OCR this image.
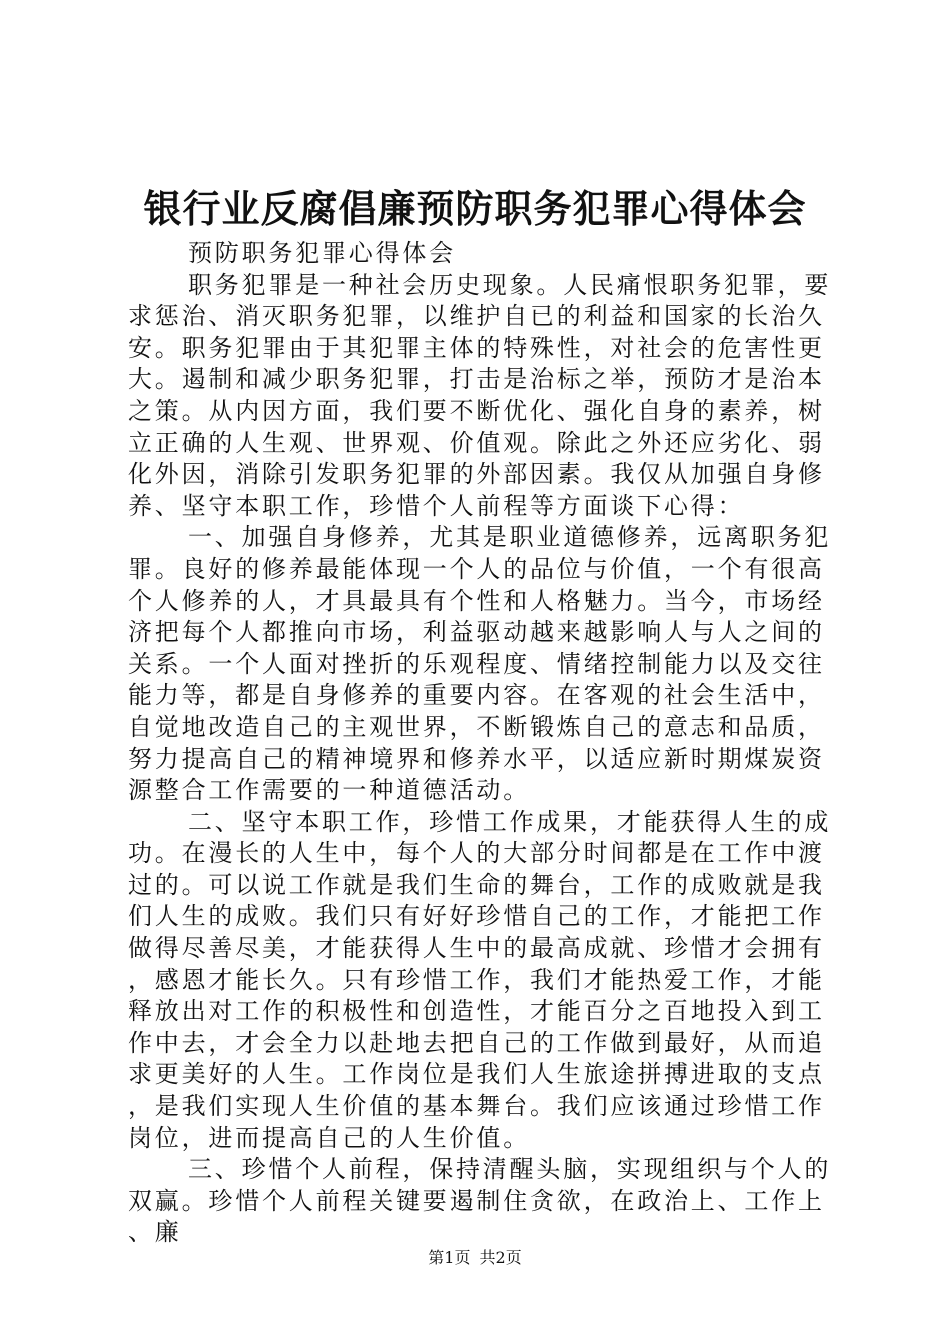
银行业反腐倡廉预防职务犯罪心得体会

预防职务犯罪心得体会

职务犯罪是一种社会历史现象。人民痛恨职务犯罪，要求惩治、消灭职务犯罪，以维护自已的利益和国家的长治久安。职务犯罪由于其犯罪主体的特殊性，对社会的危害性更大。遏制和减少职务犯罪，打击是治标之举，预防才是治本之策。从内因方面，我们要不断优化、强化自身的素养，树立正确的人生观、世界观、价值观。除此之外还应劣化、弱化外因，消除引发职务犯罪的外部因素。我仅从加强自身修养、坚守本职工作，珍惜个人前程等方面谈下心得：

一、加强自身修养，尤其是职业道德修养，远离职务犯罪。良好的修养最能体现一个人的品位与价值，一个有很高个人修养的人，才具最具有个性和人格魅力。当今，市场经济把每个人都推向市场，利益驱动越来越影响人与人之间的关系。一个人面对挫折的乐观程度、情绪控制能力以及交往能力等，都是自身修养的重要内容。在客观的社会生活中，自觉地改造自己的主观世界，不断锻炼自己的意志和品质，努力提高自己的精神境界和修养水平，以适应新时期煤炭资源整合工作需要的一种道德活动。

二、坚守本职工作，珍惜工作成果，才能获得人生的成功。在漫长的人生中，每个人的大部分时间都是在工作中渡过的。可以说工作就是我们生命的舞台，工作的成败就是我们人生的成败。我们只有好好珍惜自己的工作，才能把工作做得尽善尽美，才能获得人生中的最高成就、珍惜才会拥有，感恩才能长久。只有珍惜工作，我们才能热爱工作，才能释放出对工作的积极性和创造性，才能百分之百地投入到工作中去，才会全力以赴地去把自己的工作做到最好，从而追求更美好的人生。工作岗位是我们人生旅途拼搏进取的支点，是我们实现人生价值的基本舞台。我们应该通过珍惜工作岗位，进而提高自己的人生价值。

三、珍惜个人前程，保持清醒头脑，实现组织与个人的双赢。珍惜个人前程关键要遏制住贪欲，在政治上、工作上、廉

第1页 共2页
